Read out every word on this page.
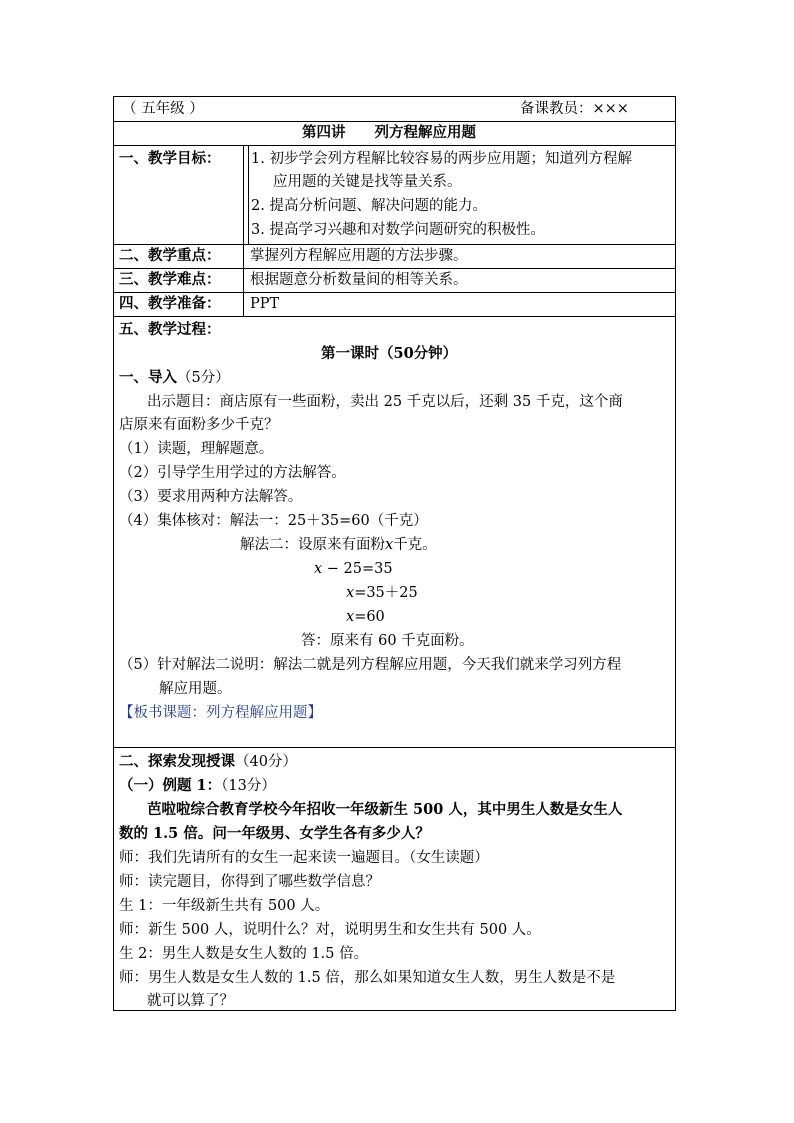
（ 五年级 ）	备课教员：×××
第四讲　　列方程解应用题
一、教学目标： 1. 初步学会列方程解比较容易的两步应用题；知道列方程解
应用题的关键是找等量关系。
2. 提高分析问题、解决问题的能力。
3. 提高学习兴趣和对数学问题研究的积极性。
二、教学重点： 掌握列方程解应用题的方法步骤。
三、教学难点： 根据题意分析数量间的相等关系。
四、教学准备： PPT
五、教学过程：
第一课时（50分钟）
一、导入（5分）
出示题目：商店原有一些面粉，卖出 25 千克以后，还剩 35 千克，这个商
店原来有面粉多少千克？
（1）读题，理解题意。
（2）引导学生用学过的方法解答。
（3）要求用两种方法解答。
（4）集体核对：解法一：25＋35=60（千克）
解法二：设原来有面粉x千克。
x − 25=35
x=35＋25
x=60
答：原来有 60 千克面粉。
（5）针对解法二说明：解法二就是列方程解应用题，今天我们就来学习列方程
解应用题。
【板书课题：列方程解应用题】
二、探索发现授课（40分）
（一）例题 1：（13分）
芭啦啦综合教育学校今年招收一年级新生 500 人，其中男生人数是女生人
数的 1.5 倍。问一年级男、女学生各有多少人？
师：我们先请所有的女生一起来读一遍题目。（女生读题）
师：读完题目，你得到了哪些数学信息？
生 1：一年级新生共有 500 人。
师：新生 500 人，说明什么？对，说明男生和女生共有 500 人。
生 2：男生人数是女生人数的 1.5 倍。
师：男生人数是女生人数的 1.5 倍，那么如果知道女生人数，男生人数是不是
就可以算了？
